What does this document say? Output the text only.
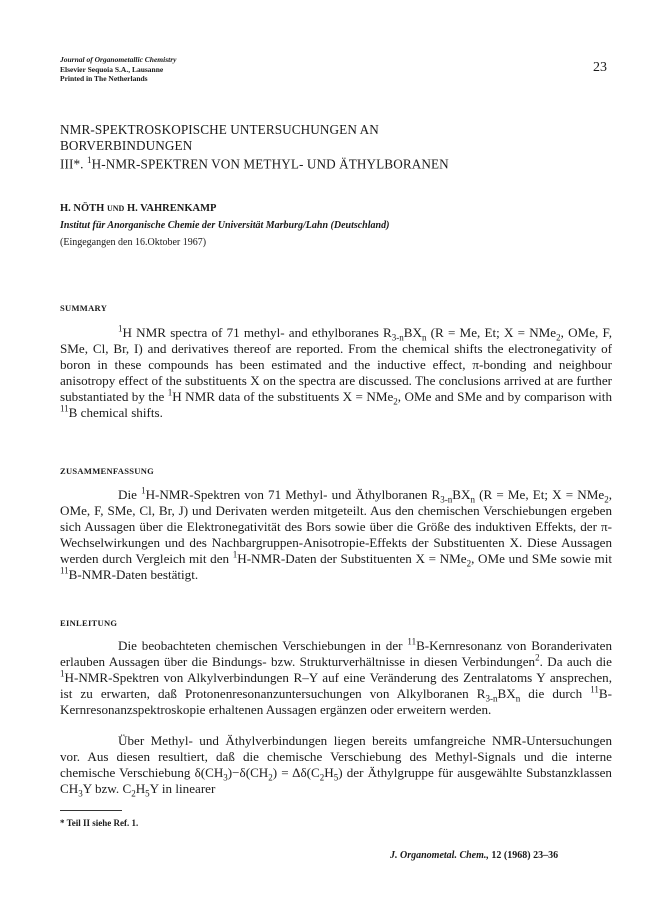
Journal of Organometallic Chemistry
Elsevier Sequoia S.A., Lausanne
Printed in The Netherlands
23
NMR-SPEKTROSKOPISCHE UNTERSUCHUNGEN AN
BORVERBINDUNGEN
III*. $^1$H-NMR-SPEKTREN VON METHYL- UND ÄTHYLBORANEN
H. NÖTH UND H. VAHRENKAMP
Institut für Anorganische Chemie der Universität Marburg/Lahn (Deutschland)
(Eingegangen den 16.Oktober 1967)
SUMMARY
$^1$H NMR spectra of 71 methyl- and ethylboranes $R_{3-n}BX_n$ (R = Me, Et; X = NMe$_2$, OMe, F, SMe, Cl, Br, I) and derivatives thereof are reported. From the chemical shifts the electronegativity of boron in these compounds has been estimated and the inductive effect, π-bonding and neighbour anisotropy effect of the substituents X on the spectra are discussed. The conclusions arrived at are further substantiated by the $^1$H NMR data of the substituents X = NMe$_2$, OMe and SMe and by comparison with $^{11}$B chemical shifts.
ZUSAMMENFASSUNG
Die $^1$H-NMR-Spektren von 71 Methyl- und Äthylboranen $R_{3-n}BX_n$ (R = Me, Et; X = NMe$_2$, OMe, F, SMe, Cl, Br, J) und Derivaten werden mitgeteilt. Aus den chemischen Verschiebungen ergeben sich Aussagen über die Elektronegativität des Bors sowie über die Größe des induktiven Effekts, der π-Wechselwirkungen und des Nachbargruppen-Anisotropie-Effekts der Substituenten X. Diese Aussagen werden durch Vergleich mit den $^1$H-NMR-Daten der Substituenten X = NMe$_2$, OMe und SMe sowie mit $^{11}$B-NMR-Daten bestätigt.
EINLEITUNG
Die beobachteten chemischen Verschiebungen in der $^{11}$B-Kernresonanz von Boranderivaten erlauben Aussagen über die Bindungs- bzw. Strukturverhältnisse in diesen Verbindungen$^2$. Da auch die $^1$H-NMR-Spektren von Alkylverbindungen R–Y auf eine Veränderung des Zentralatoms Y ansprechen, ist zu erwarten, daß Protonenresonanzuntersuchungen von Alkylboranen $R_{3-n}BX_n$ die durch $^{11}$B-Kernresonanzspektroskopie erhaltenen Aussagen ergänzen oder erweitern werden.
Über Methyl- und Äthylverbindungen liegen bereits umfangreiche NMR-Untersuchungen vor. Aus diesen resultiert, daß die chemische Verschiebung des Methyl-Signals und die interne chemische Verschiebung $\delta(CH_3)-\delta(CH_2) = \Delta\delta(C_2H_5)$ der Äthylgruppe für ausgewählte Substanzklassen $CH_3Y$ bzw. $C_2H_5Y$ in linearer
* Teil II siehe Ref. 1.
J. Organometal. Chem., 12 (1968) 23–36
